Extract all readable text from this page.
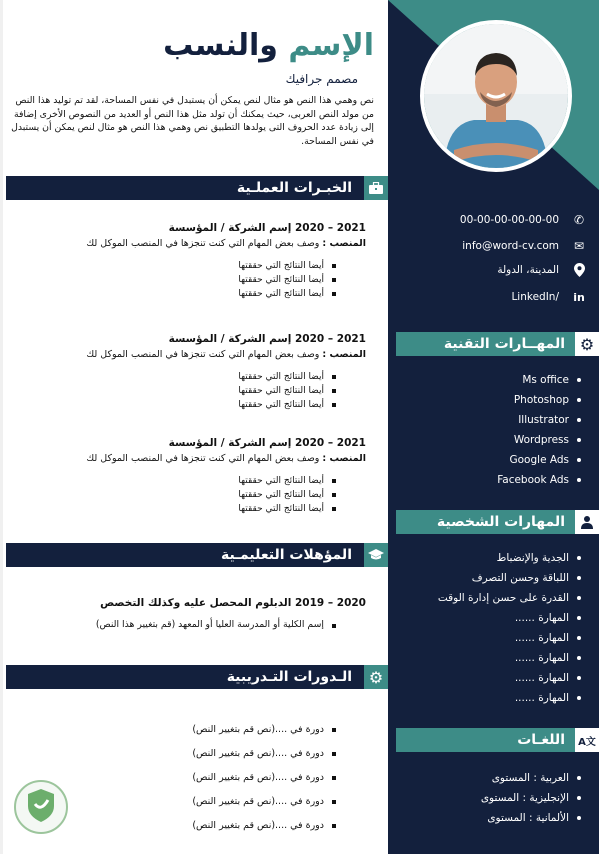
✆
00-00-00-00-00-00
✉
info@word-cv.com
المدينة، الدولة
in
LinkedIn/
⚙
المهــارات التقنية
Ms office
Photoshop
Illustrator
Wordpress
Google Ads
Facebook Ads
المهارات الشخصية
الجدية والإنضباط
اللباقة وحسن التصرف
القدرة على حسن إدارة الوقت
المهارة ......
المهارة ......
المهارة ......
المهارة ......
المهارة ......
A文
اللغـات
العربية : المستوى
الإنجليزية : المستوى
الألمانية : المستوى
الإسم والنسب
مصمم جرافيك
نص وهمي هذا النص هو مثال لنص يمكن أن يستبدل في نفس المساحة، لقد تم توليد هذا النص من مولد النص العربى، حيث يمكنك أن تولد مثل هذا النص أو العديد من النصوص الأخرى إضافة إلى زيادة عدد الحروف التى يولدها التطبيق نص وهمي هذا النص هو مثال لنص يمكن أن يستبدل في نفس المساحة.
الخبـرات العملـية
2021 – 2020 إسم الشركة / المؤسسة
المنصب : وصف بعض المهام التي كنت تنجزها في المنصب الموكل لك
أيضا النتائج التي حققتها
أيضا النتائج التي حققتها
أيضا النتائج التي حققتها
2021 – 2020 إسم الشركة / المؤسسة
المنصب : وصف بعض المهام التي كنت تنجزها في المنصب الموكل لك
أيضا النتائج التي حققتها
أيضا النتائج التي حققتها
أيضا النتائج التي حققتها
2021 – 2020 إسم الشركة / المؤسسة
المنصب : وصف بعض المهام التي كنت تنجزها في المنصب الموكل لك
أيضا النتائج التي حققتها
أيضا النتائج التي حققتها
أيضا النتائج التي حققتها
المؤهلات التعليمـية
2020 – 2019 الدبلوم المحصل عليه وكذلك التخصص
إسم الكلية أو المدرسة العليا أو المعهد (قم بتغيير هذا النص)
⚙
الـدورات التـدريبية
دورة في ....(نص قم بتغيير النص)
دورة في ....(نص قم بتغيير النص)
دورة في ....(نص قم بتغيير النص)
دورة في ....(نص قم بتغيير النص)
دورة في ....(نص قم بتغيير النص)
